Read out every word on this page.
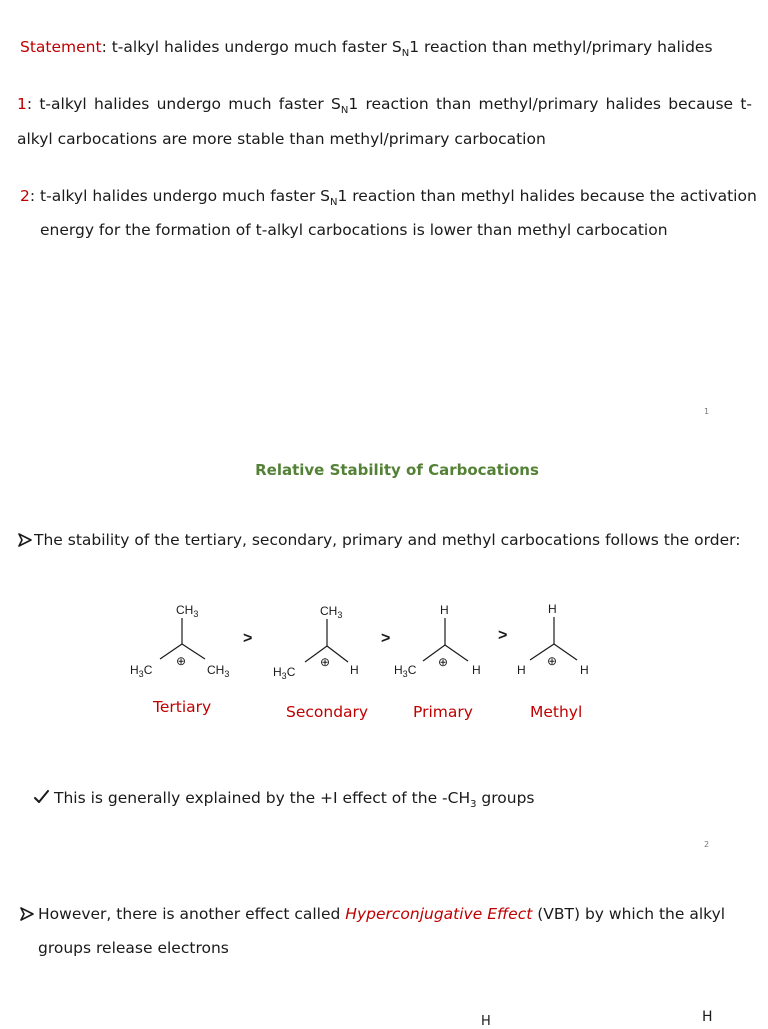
Statement: t-alkyl halides undergo much faster $S_N1$ reaction than methyl/primary halides
1: t-alkyl halides undergo much faster $S_N1$ reaction than methyl/primary halides because t-
alkyl carbocations are more stable than methyl/primary carbocation
2: t-alkyl halides undergo much faster $S_N1$ reaction than methyl halides because the activation
energy for the formation of t-alkyl carbocations is lower than methyl carbocation
1
Relative Stability of Carbocations
The stability of the tertiary, secondary, primary and methyl carbocations follows the order:
$CH_3$
⊕
$H_3C$	$CH_3$
>
$CH_3$
⊕
$H_3C$	H
>
H
⊕
$H_3C$	H
>
H
⊕
H	H
Tertiary	Secondary	Primary	Methyl
This is generally explained by the +I effect of the $-CH_3$ groups
2
However, there is another effect called Hyperconjugative Effect (VBT) by which the alkyl
groups release electrons
H	H
